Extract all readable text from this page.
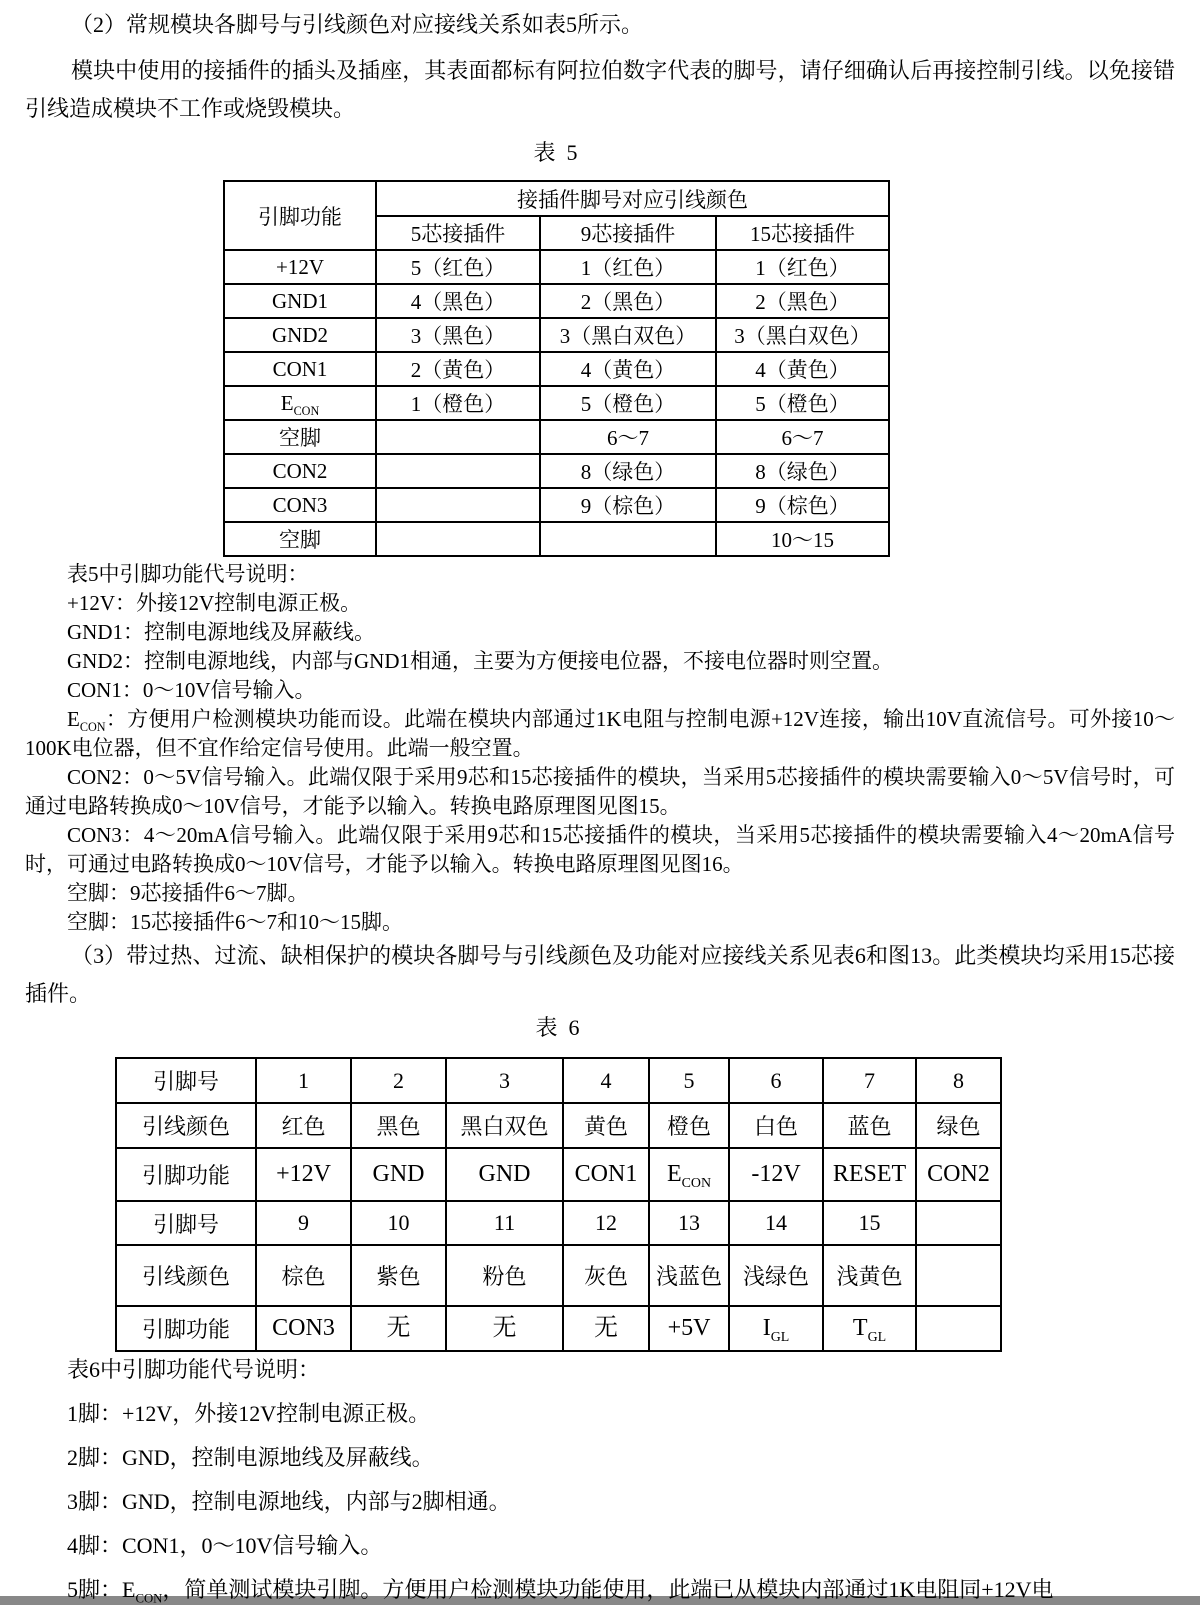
（2）常规模块各脚号与引线颜色对应接线关系如表5所示。

模块中使用的接插件的插头及插座，其表面都标有阿拉伯数字代表的脚号，请仔细确认后再接控制引线。以免接错引线造成模块不工作或烧毁模块。

表  5
引脚功能	接插件脚号对应引线颜色		
	5芯接插件	9芯接插件	15芯接插件
+12V	5（红色）	1（红色）	1（红色）
GND1	4（黑色）	2（黑色）	2（黑色）
GND2	3（黑色）	3（黑白双色）	3（黑白双色）
CON1	2（黄色）	4（黄色）	4（黄色）
$E_{CON}$	1（橙色）	5（橙色）	5（橙色）
空脚		6～7	6～7
CON2		8（绿色）	8（绿色）
CON3		9（棕色）	9（棕色）
空脚			10～15

表5中引脚功能代号说明：

+12V：外接12V控制电源正极。

GND1：控制电源地线及屏蔽线。

GND2：控制电源地线，内部与GND1相通，主要为方便接电位器，不接电位器时则空置。

CON1：0～10V信号输入。

$E_{CON}$：方便用户检测模块功能而设。此端在模块内部通过1K电阻与控制电源+12V连接，输出10V直流信号。可外接10～100K电位器，但不宜作给定信号使用。此端一般空置。

CON2：0～5V信号输入。此端仅限于采用9芯和15芯接插件的模块，当采用5芯接插件的模块需要输入0～5V信号时，可通过电路转换成0～10V信号，才能予以输入。转换电路原理图见图15。

CON3：4～20mA信号输入。此端仅限于采用9芯和15芯接插件的模块，当采用5芯接插件的模块需要输入4～20mA信号时，可通过电路转换成0～10V信号，才能予以输入。转换电路原理图见图16。

空脚：9芯接插件6～7脚。

空脚：15芯接插件6～7和10～15脚。

（3）带过热、过流、缺相保护的模块各脚号与引线颜色及功能对应接线关系见表6和图13。此类模块均采用15芯接插件。

表  6
引脚号	1	2	3	4	5	6	7	8
引线颜色	红色	黑色	黑白双色	黄色	橙色	白色	蓝色	绿色
引脚功能	+12V	GND	GND	CON1	$E_{CON}$	-12V	RESET	CON2
引脚号	9	10	11	12	13	14	15	
引线颜色	棕色	紫色	粉色	灰色	浅蓝色	浅绿色	浅黄色	
引脚功能	CON3	无	无	无	+5V	$I_{GL}$	$T_{GL}$	

表6中引脚功能代号说明：

1脚：+12V，外接12V控制电源正极。

2脚：GND，控制电源地线及屏蔽线。

3脚：GND，控制电源地线，内部与2脚相通。

4脚：CON1，0～10V信号输入。

5脚：$E_{CON}$，简单测试模块引脚。方便用户检测模块功能使用，此端已从模块内部通过1K电阻同+12V电
